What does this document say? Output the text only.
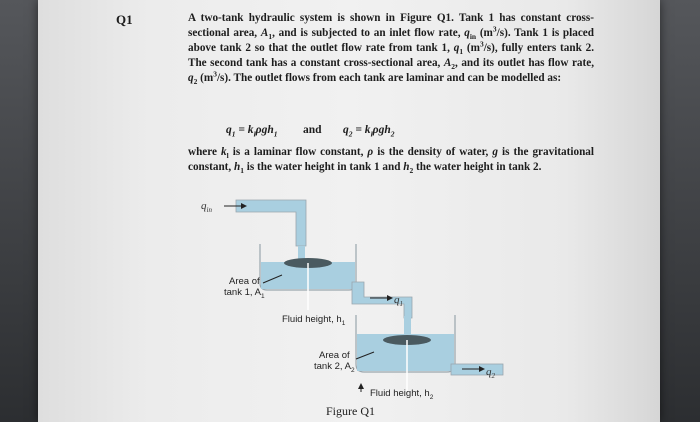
Q1	A two-tank hydraulic system is shown in Figure Q1. Tank 1 has constant cross-sectional area, $A_1$, and is subjected to an inlet flow rate, $q_{in}$ $(m^3/s)$. Tank 1 is placed above tank 2 so that the outlet flow rate from tank 1, $q_1$ $(m^3/s)$, fully enters tank 2. The second tank has a constant cross-sectional area, $A_2$, and its outlet has flow rate, $q_2$ $(m^3/s)$. The outlet flows from each tank are laminar and can be modelled as:

$q_1 = k_l\rho gh_1$ and $q_2 = k_l\rho gh_2$

where $k_l$ is a laminar flow constant, ρ is the density of water, g is the gravitational constant, $h_1$ is the water height in tank 1 and $h_2$ the water height in tank 2.

$q_{in}$
Area of
tank 1, $A_1$	$q_1$
Fluid height, $h_1$
Area of
tank 2, $A_2$	$q_2$
Fluid height, $h_2$
Figure Q1
